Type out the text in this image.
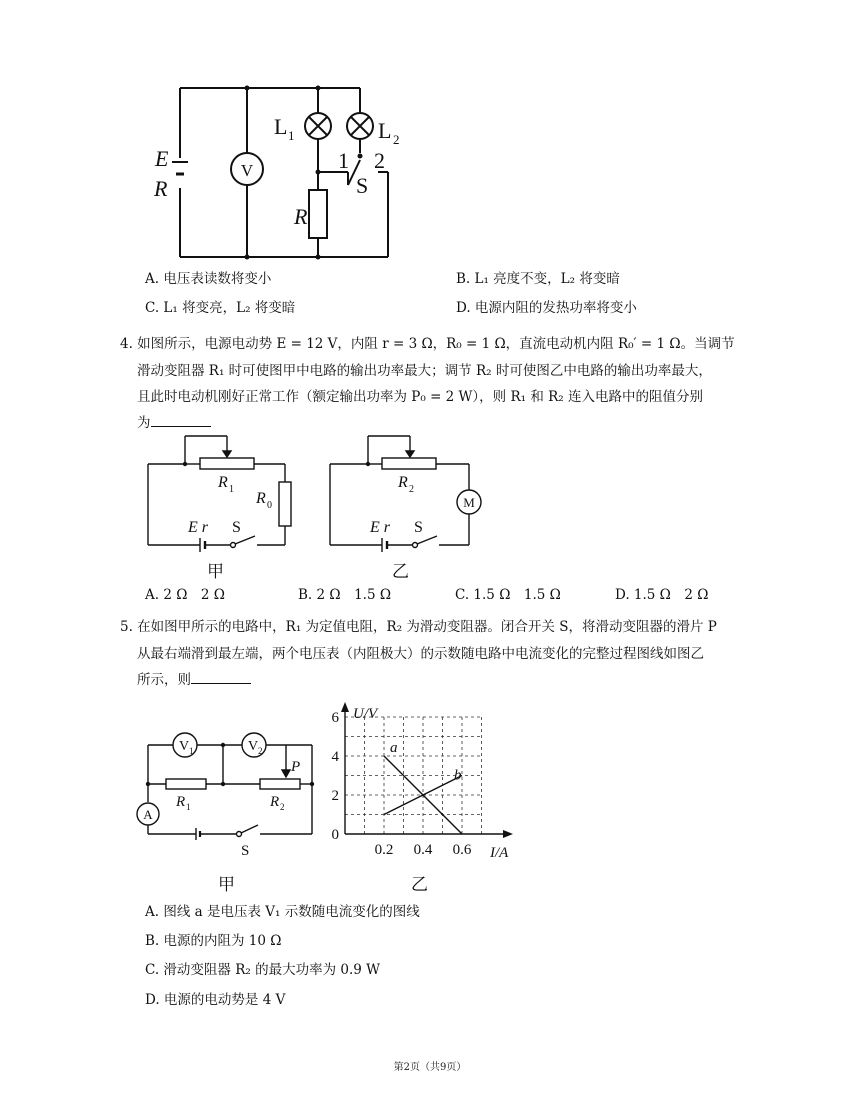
E
R
R
V
L 1	L 2
1 2
S
A. 电压表读数将变小	B. L₁ 亮度不变，L₂ 将变暗
C. L₁ 将变亮，L₂ 将变暗	D. 电源内阻的发热功率将变小
4. 如图所示，电源电动势 E = 12 V，内阻 r = 3 Ω，R₀ = 1 Ω，直流电动机内阻 R₀′ = 1 Ω。当调节
滑动变阻器 R₁ 时可使图甲中电路的输出功率最大；调节 R₂ 时可使图乙中电路的输出功率最大，
且此时电动机刚好正常工作（额定输出功率为 P₀ = 2 W），则 R₁ 和 R₂ 连入电路中的阻值分别
为
R 1
R 0
E r S
甲
R 2
M
E r S
乙
A. 2 Ω　2 Ω	B. 2 Ω　1.5 Ω	C. 1.5 Ω　1.5 Ω	D. 1.5 Ω　2 Ω
5. 在如图甲所示的电路中，R₁ 为定值电阻，R₂ 为滑动变阻器。闭合开关 S，将滑动变阻器的滑片 P
从最右端滑到最左端，两个电压表（内阻极大）的示数随电路中电流变化的完整过程图线如图乙
所示，则
V 1	V 2
P
R 1	R 2
A
S
甲
a
b
0.2 0.4 0.6
0
2
4
6 U/V
I/A
乙
A. 图线 a 是电压表 V₁ 示数随电流变化的图线
B. 电源的内阻为 10 Ω
C. 滑动变阻器 R₂ 的最大功率为 0.9 W
D. 电源的电动势是 4 V
第2页（共9页）
